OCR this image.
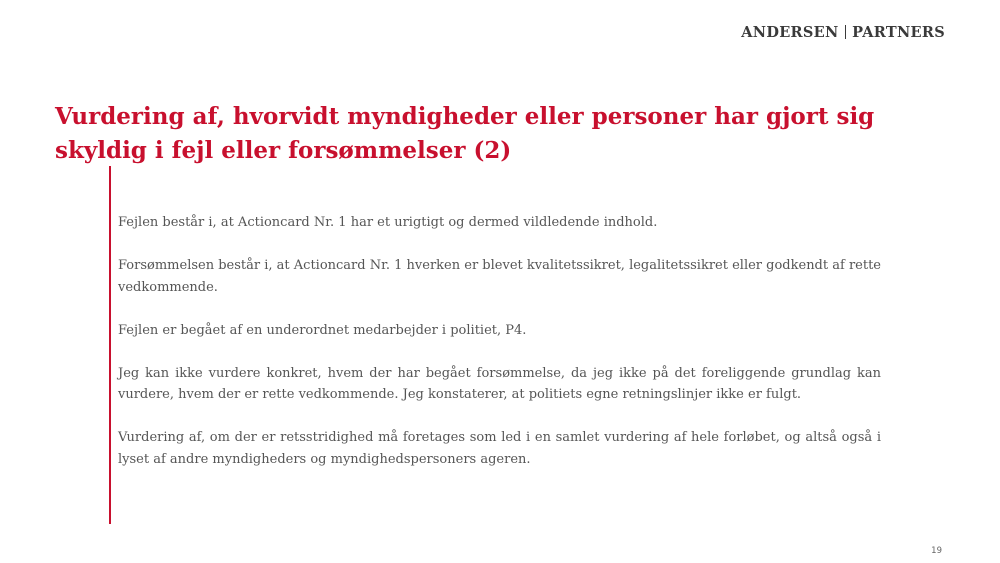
ANDERSEN PARTNERS
Vurdering af, hvorvidt myndigheder eller personer har gjort sig skyldig i fejl eller forsømmelser (2)

Fejlen består i, at Actioncard Nr. 1 har et urigtigt og dermed vildledende indhold.

Forsømmelsen består i, at Actioncard Nr. 1 hverken er blevet kvalitetssikret, legalitetssikret eller godkendt af rette vedkommende.

Fejlen er begået af en underordnet medarbejder i politiet, P4.

Jeg kan ikke vurdere konkret, hvem der har begået forsømmelse, da jeg ikke på det foreliggende grundlag kan vurdere, hvem der er rette vedkommende. Jeg konstaterer, at politiets egne retningslinjer ikke er fulgt.

Vurdering af, om der er retsstridighed må foretages som led i en samlet vurdering af hele forløbet, og altså også i lyset af andre myndigheders og myndighedspersoners ageren.

19
